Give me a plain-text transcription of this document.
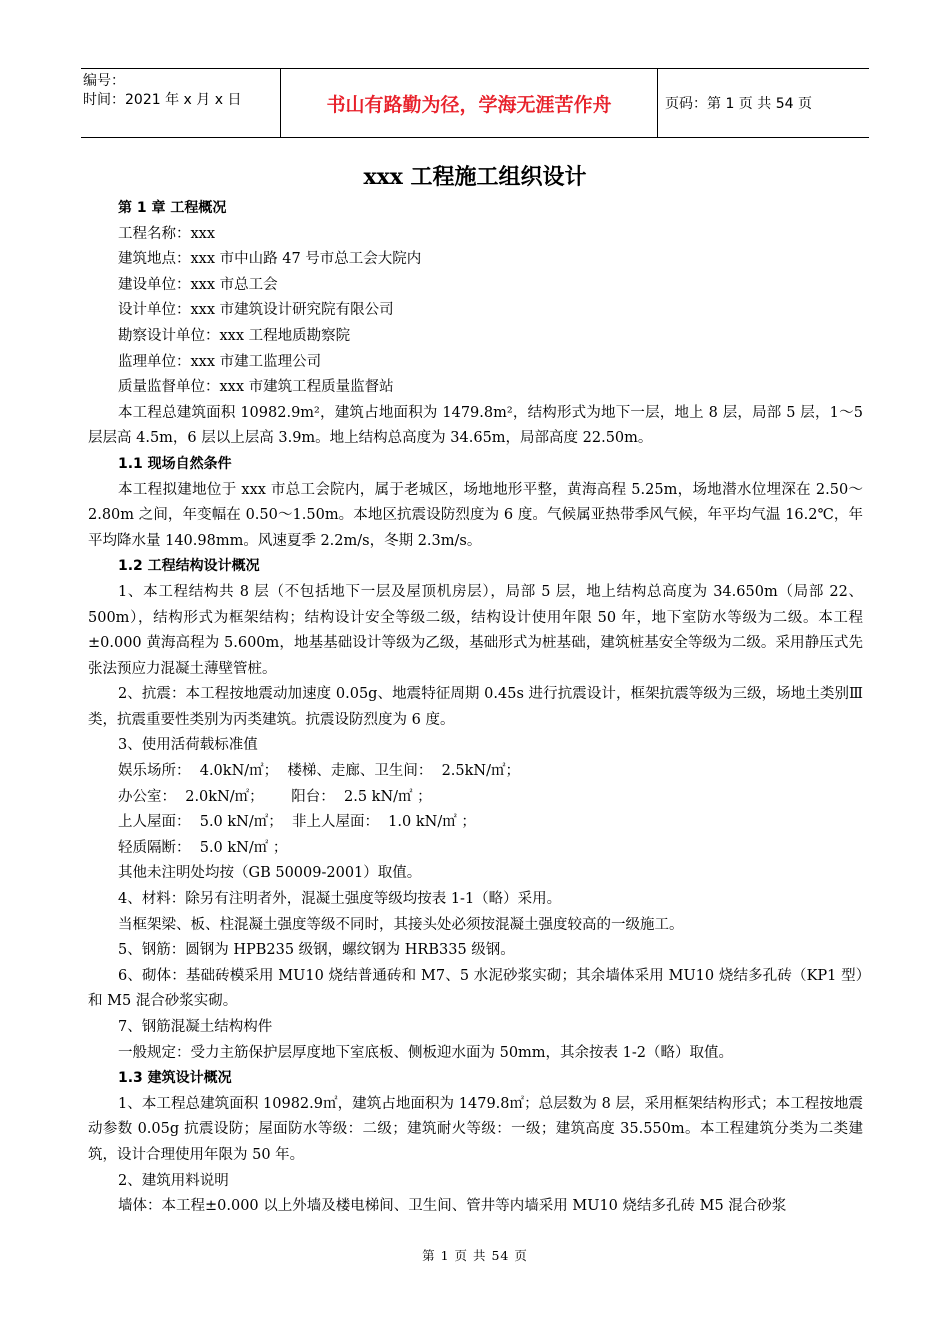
编号：
时间：2021 年 x 月 x 日	书山有路勤为径，学海无涯苦作舟	页码：第 1 页 共 54 页
xxx 工程施工组织设计

第 1 章 工程概况

工程名称：xxx

建筑地点：xxx 市中山路 47 号市总工会大院内

建设单位：xxx 市总工会

设计单位：xxx 市建筑设计研究院有限公司

勘察设计单位：xxx 工程地质勘察院

监理单位：xxx 市建工监理公司

质量监督单位：xxx 市建筑工程质量监督站

本工程总建筑面积 10982.9m²，建筑占地面积为 1479.8m²，结构形式为地下一层，地上 8 层，局部 5 层，1～5 层层高 4.5m，6 层以上层高 3.9m。地上结构总高度为 34.65m，局部高度 22.50m。

1.1 现场自然条件

本工程拟建地位于 xxx 市总工会院内，属于老城区，场地地形平整，黄海高程 5.25m，场地潜水位埋深在 2.50～2.80m 之间，年变幅在 0.50～1.50m。本地区抗震设防烈度为 6 度。气候属亚热带季风气候，年平均气温 16.2℃，年平均降水量 140.98mm。风速夏季 2.2m/s，冬期 2.3m/s。

1.2 工程结构设计概况

1、本工程结构共 8 层（不包括地下一层及屋顶机房层），局部 5 层，地上结构总高度为 34.650m（局部 22、500m），结构形式为框架结构；结构设计安全等级二级，结构设计使用年限 50 年，地下室防水等级为二级。本工程±0.000 黄海高程为 5.600m，地基基础设计等级为乙级，基础形式为桩基础，建筑桩基安全等级为二级。采用静压式先张法预应力混凝土薄壁管桩。

2、抗震：本工程按地震动加速度 0.05g、地震特征周期 0.45s 进行抗震设计，框架抗震等级为三级，场地土类别Ⅲ类，抗震重要性类别为丙类建筑。抗震设防烈度为 6 度。

3、使用活荷载标准值

娱乐场所：  4.0kN/㎡；  楼梯、走廊、卫生间：  2.5kN/㎡；

办公室：  2.0kN/㎡；      阳台：  2.5 kN/㎡ ；

上人屋面：  5.0 kN/㎡；  非上人屋面：  1.0 kN/㎡ ；

轻质隔断：  5.0 kN/㎡ ；

其他未注明处均按（GB 50009-2001）取值。

4、材料：除另有注明者外，混凝土强度等级均按表 1-1（略）采用。

当框架梁、板、柱混凝土强度等级不同时，其接头处必须按混凝土强度较高的一级施工。

5、钢筋：圆钢为 HPB235 级钢，螺纹钢为 HRB335 级钢。

6、砌体：基础砖模采用 MU10 烧结普通砖和 M7、5 水泥砂浆实砌；其余墙体采用 MU10 烧结多孔砖（KP1 型）和 M5 混合砂浆实砌。

7、钢筋混凝土结构构件

一般规定：受力主筋保护层厚度地下室底板、侧板迎水面为 50mm，其余按表 1-2（略）取值。

1.3 建筑设计概况

1、本工程总建筑面积 10982.9㎡，建筑占地面积为 1479.8㎡；总层数为 8 层，采用框架结构形式；本工程按地震动参数 0.05g 抗震设防；屋面防水等级：二级；建筑耐火等级：一级；建筑高度 35.550m。本工程建筑分类为二类建筑，设计合理使用年限为 50 年。

2、建筑用料说明

墙体：本工程±0.000 以上外墙及楼电梯间、卫生间、管井等内墙采用 MU10 烧结多孔砖 M5 混合砂浆

第 1 页 共 54 页
